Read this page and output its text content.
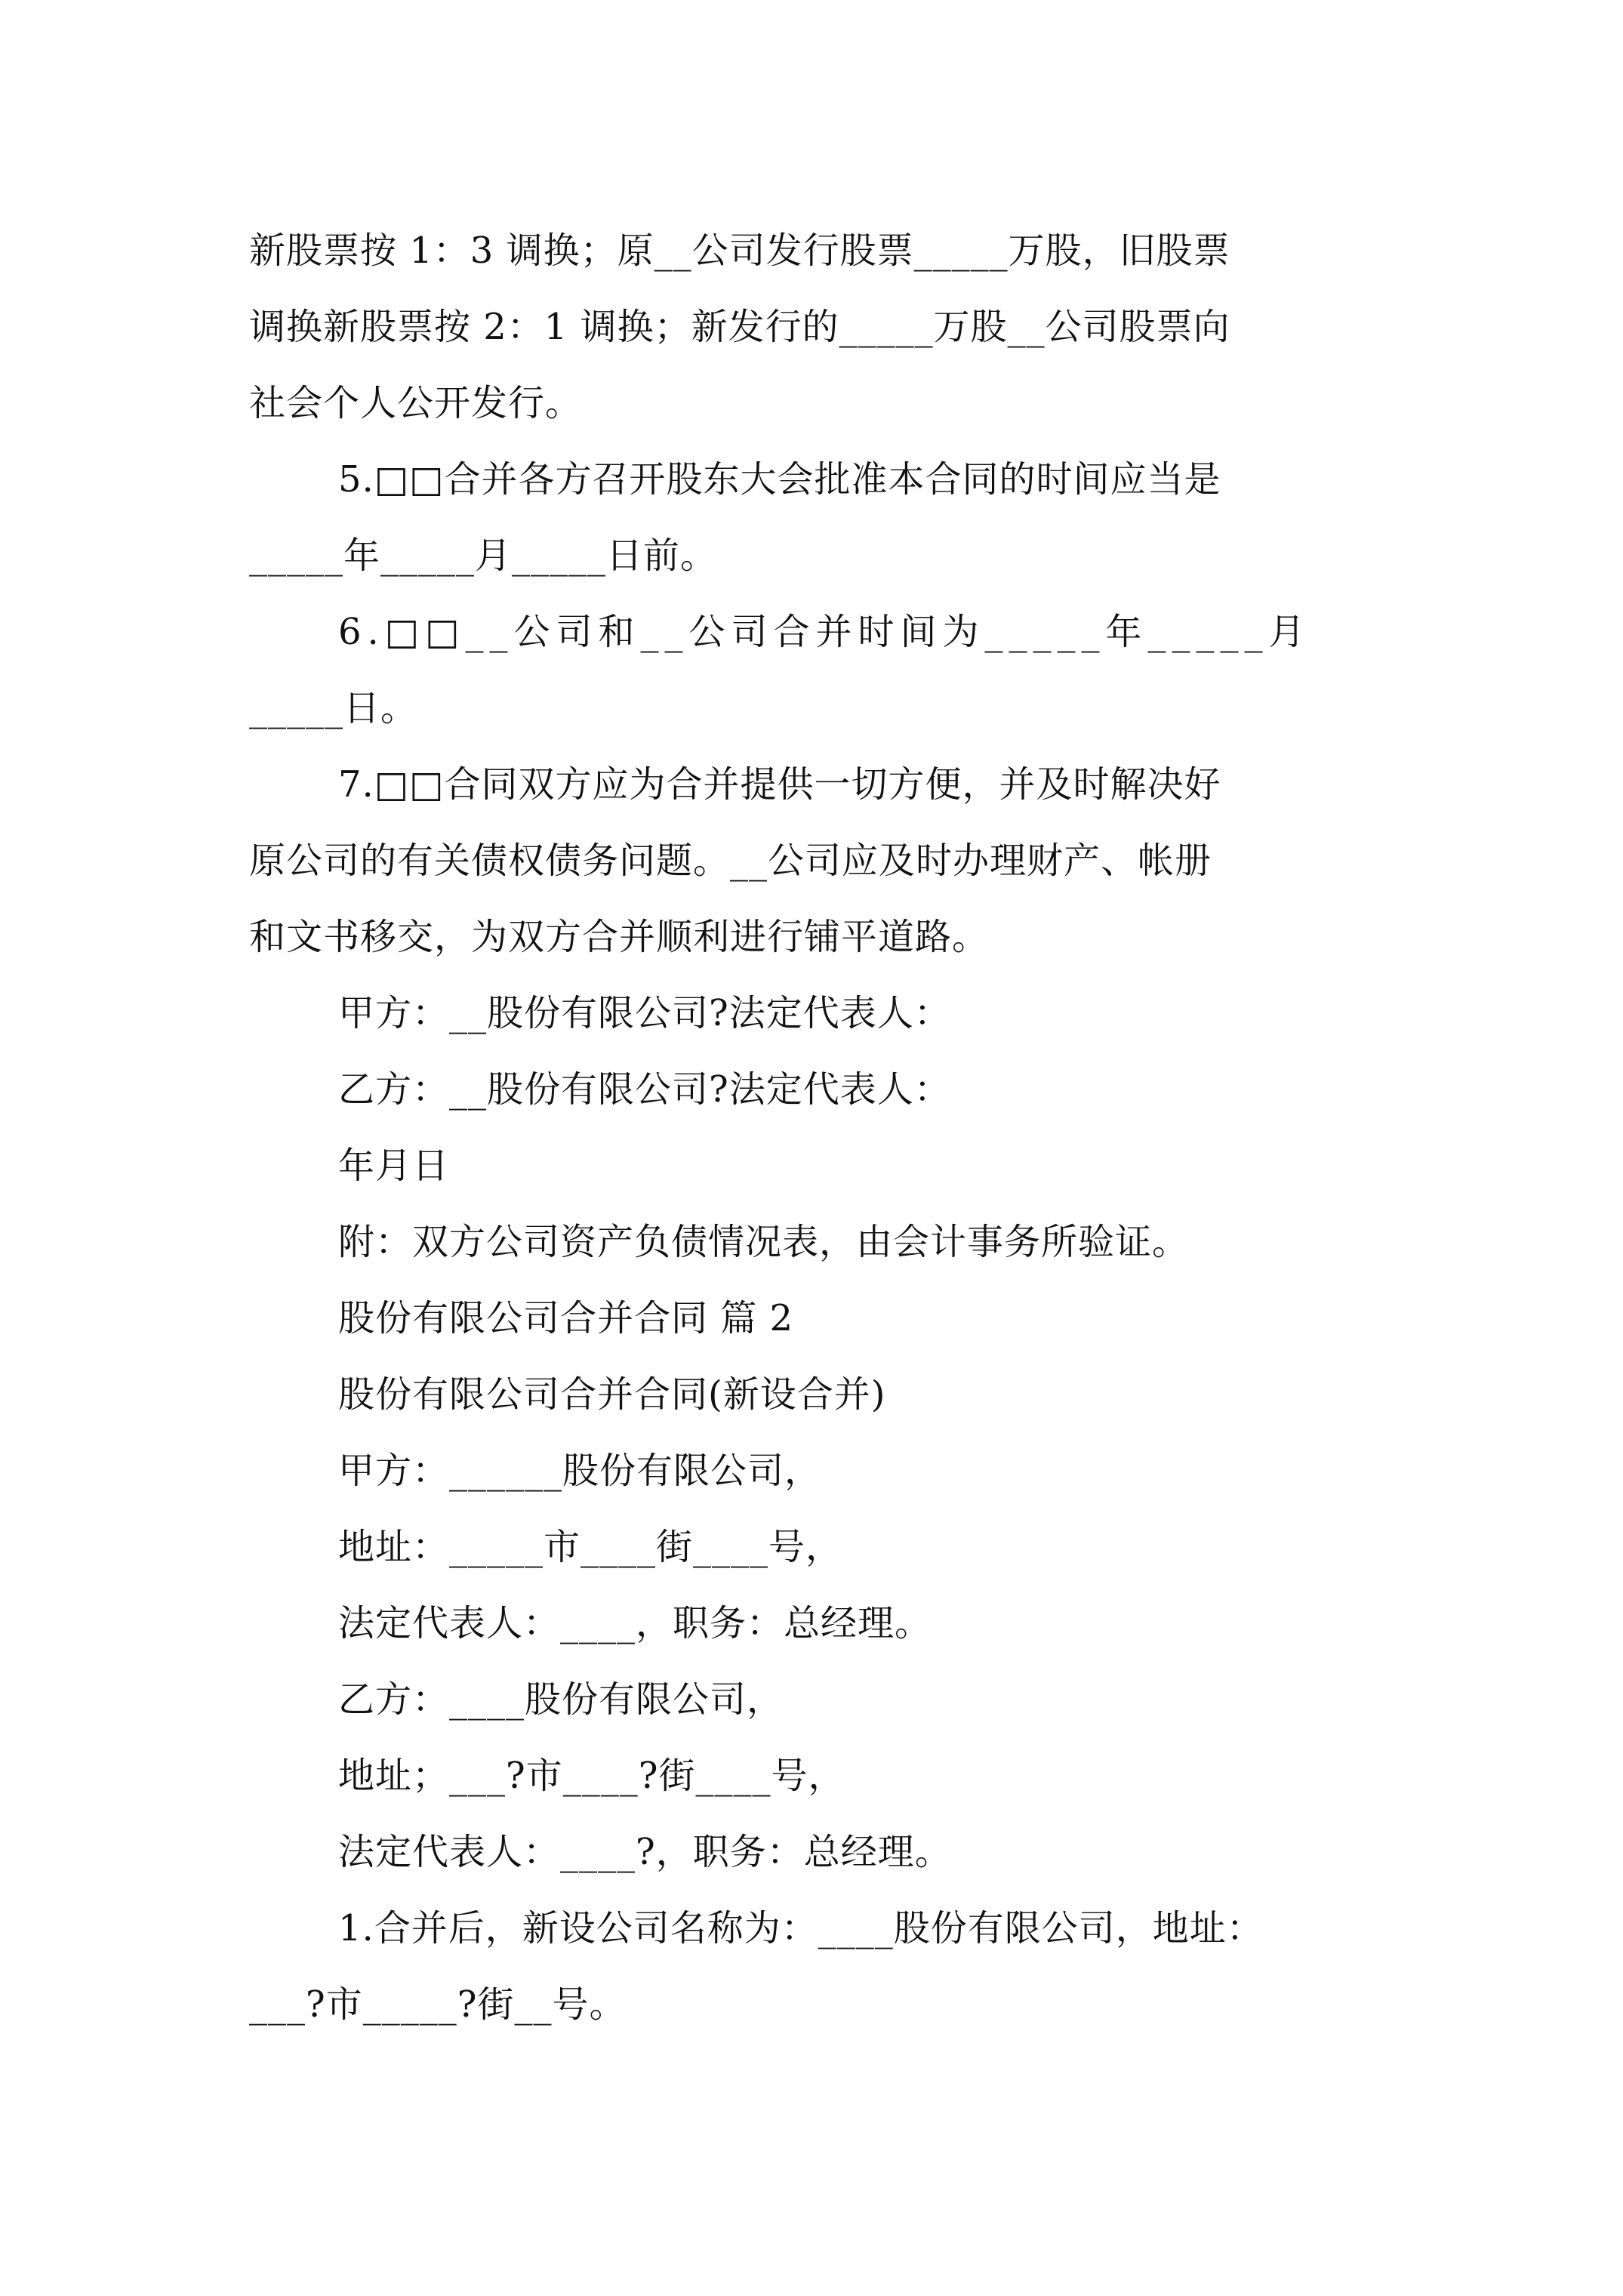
新股票按 1：3 调换；原__公司发行股票_____万股，旧股票
调换新股票按 2：1 调换；新发行的_____万股__公司股票向
社会个人公开发行。

5.□□合并各方召开股东大会批准本合同的时间应当是
_____年_____月_____日前。

6.□□__公司和__公司合并时间为_____年_____月
_____日。

7.□□合同双方应为合并提供一切方便，并及时解决好
原公司的有关债权债务问题。__公司应及时办理财产、帐册
和文书移交，为双方合并顺利进行铺平道路。

甲方：__股份有限公司?法定代表人：

乙方：__股份有限公司?法定代表人：

年月日

附：双方公司资产负债情况表，由会计事务所验证。

股份有限公司合并合同 篇 2

股份有限公司合并合同(新设合并)

甲方：______股份有限公司，

地址：_____市____街____号，

法定代表人：____，职务：总经理。

乙方：____股份有限公司，

地址；___?市____?街____号，

法定代表人：____?，职务：总经理。

1.合并后，新设公司名称为：____股份有限公司，地址：
___?市_____?街__号。
